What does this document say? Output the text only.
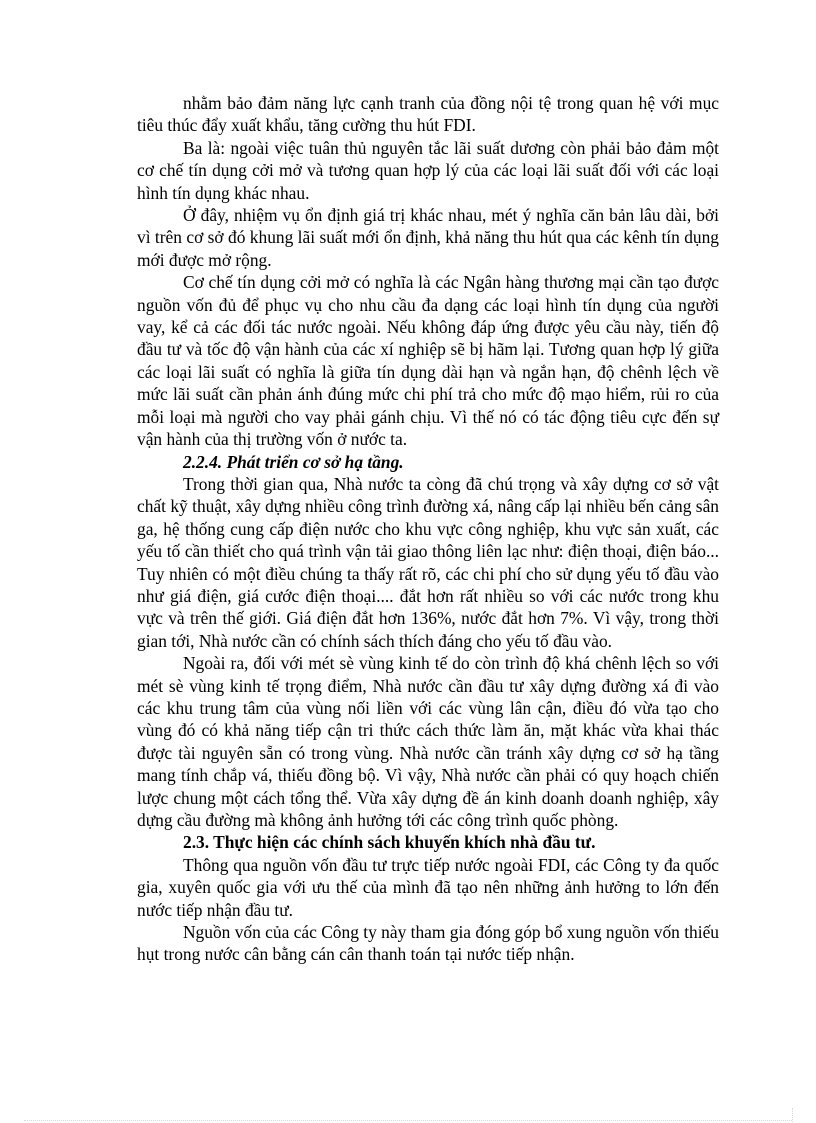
nhằm bảo đảm năng lực cạnh tranh của đồng nội tệ trong quan hệ với mục tiêu thúc đẩy xuất khẩu, tăng cường thu hút FDI.

Ba là: ngoài việc tuân thủ nguyên tắc lãi suất dương còn phải bảo đảm một cơ chế tín dụng cởi mở và tương quan hợp lý của các loại lãi suất đối với các loại hình tín dụng khác nhau.

Ở đây, nhiệm vụ ổn định giá trị khác nhau, mét ý nghĩa căn bản lâu dài, bởi vì trên cơ sở đó khung lãi suất mới ổn định, khả năng thu hút qua các kênh tín dụng mới được mở rộng.

Cơ chế tín dụng cởi mở có nghĩa là các Ngân hàng thương mại cần tạo được nguồn vốn đủ để phục vụ cho nhu cầu đa dạng các loại hình tín dụng của người vay, kể cả các đối tác nước ngoài. Nếu không đáp ứng được yêu cầu này, tiến độ đầu tư và tốc độ vận hành của các xí nghiệp sẽ bị hãm lại. Tương quan hợp lý giữa các loại lãi suất có nghĩa là giữa tín dụng dài hạn và ngắn hạn, độ chênh lệch về mức lãi suất cần phản ánh đúng mức chi phí trả cho mức độ mạo hiểm, rủi ro của mỗi loại mà người cho vay phải gánh chịu. Vì thế nó có tác động tiêu cực đến sự vận hành của thị trường vốn ở nước ta.

2.2.4. Phát triển cơ sở hạ tầng.

Trong thời gian qua, Nhà nước ta còng đã chú trọng và xây dựng cơ sở vật chất kỹ thuật, xây dựng nhiều công trình đường xá, nâng cấp lại nhiều bến cảng sân ga, hệ thống cung cấp điện nước cho khu vực công nghiệp, khu vực sản xuất, các yếu tố cần thiết cho quá trình vận tải giao thông liên lạc như: điện thoại, điện báo... Tuy nhiên có một điều chúng ta thấy rất rõ, các chi phí cho sử dụng yếu tố đầu vào như giá điện, giá cước điện thoại.... đắt hơn rất nhiều so với các nước trong khu vực và trên thế giới. Giá điện đắt hơn 136%, nước đắt hơn 7%. Vì vậy, trong thời gian tới, Nhà nước cần có chính sách thích đáng cho yếu tố đầu vào.

Ngoài ra, đối với mét sè vùng kinh tế do còn trình độ khá chênh lệch so với mét sè vùng kinh tế trọng điểm, Nhà nước cần đầu tư xây dựng đường xá đi vào các khu trung tâm của vùng nối liền với các vùng lân cận, điều đó vừa tạo cho vùng đó có khả năng tiếp cận tri thức cách thức làm ăn, mặt khác vừa khai thác được tài nguyên sẵn có trong vùng. Nhà nước cần tránh xây dựng cơ sở hạ tầng mang tính chắp vá, thiếu đồng bộ. Vì vậy, Nhà nước cần phải có quy hoạch chiến lược chung một cách tổng thể. Vừa xây dựng đề án kinh doanh doanh nghiệp, xây dựng cầu đường mà không ảnh hưởng tới các công trình quốc phòng.

2.3. Thực hiện các chính sách khuyến khích nhà đầu tư.

Thông qua nguồn vốn đầu tư trực tiếp nước ngoài FDI, các Công ty đa quốc gia, xuyên quốc gia với ưu thế của mình đã tạo nên những ảnh hưởng to lớn đến nước tiếp nhận đầu tư.

Nguồn vốn của các Công ty này tham gia đóng góp bổ xung nguồn vốn thiếu hụt trong nước cân bằng cán cân thanh toán tại nước tiếp nhận.
